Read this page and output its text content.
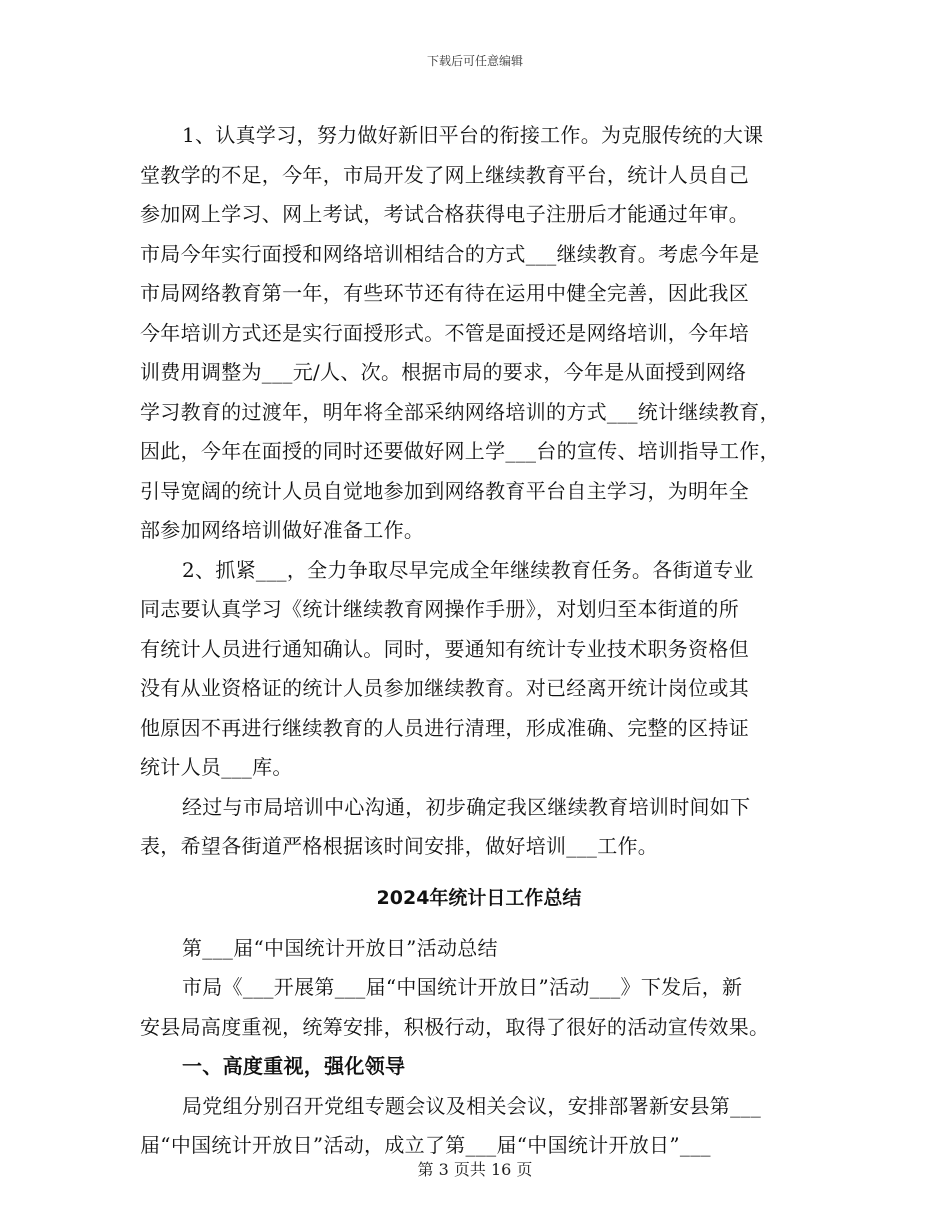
下载后可任意编辑
1、认真学习，努力做好新旧平台的衔接工作。为克服传统的大课
堂教学的不足，今年，市局开发了网上继续教育平台，统计人员自己
参加网上学习、网上考试，考试合格获得电子注册后才能通过年审。
市局今年实行面授和网络培训相结合的方式___继续教育。考虑今年是
市局网络教育第一年，有些环节还有待在运用中健全完善，因此我区
今年培训方式还是实行面授形式。不管是面授还是网络培训，今年培
训费用调整为___元/人、次。根据市局的要求，今年是从面授到网络
学习教育的过渡年，明年将全部采纳网络培训的方式___统计继续教育，
因此，今年在面授的同时还要做好网上学___台的宣传、培训指导工作，
引导宽阔的统计人员自觉地参加到网络教育平台自主学习，为明年全
部参加网络培训做好准备工作。
2、抓紧___，全力争取尽早完成全年继续教育任务。各街道专业
同志要认真学习《统计继续教育网操作手册》，对划归至本街道的所
有统计人员进行通知确认。同时，要通知有统计专业技术职务资格但
没有从业资格证的统计人员参加继续教育。对已经离开统计岗位或其
他原因不再进行继续教育的人员进行清理，形成准确、完整的区持证
统计人员___库。
经过与市局培训中心沟通，初步确定我区继续教育培训时间如下
表，希望各街道严格根据该时间安排，做好培训___工作。
2024年统计日工作总结
第___届“中国统计开放日”活动总结
市局《___开展第___届“中国统计开放日”活动___》下发后，新
安县局高度重视，统筹安排，积极行动，取得了很好的活动宣传效果。
一、高度重视，强化领导
局党组分别召开党组专题会议及相关会议，安排部署新安县第___
届“中国统计开放日”活动，成立了第___届“中国统计开放日”___
第 3 页共 16 页
